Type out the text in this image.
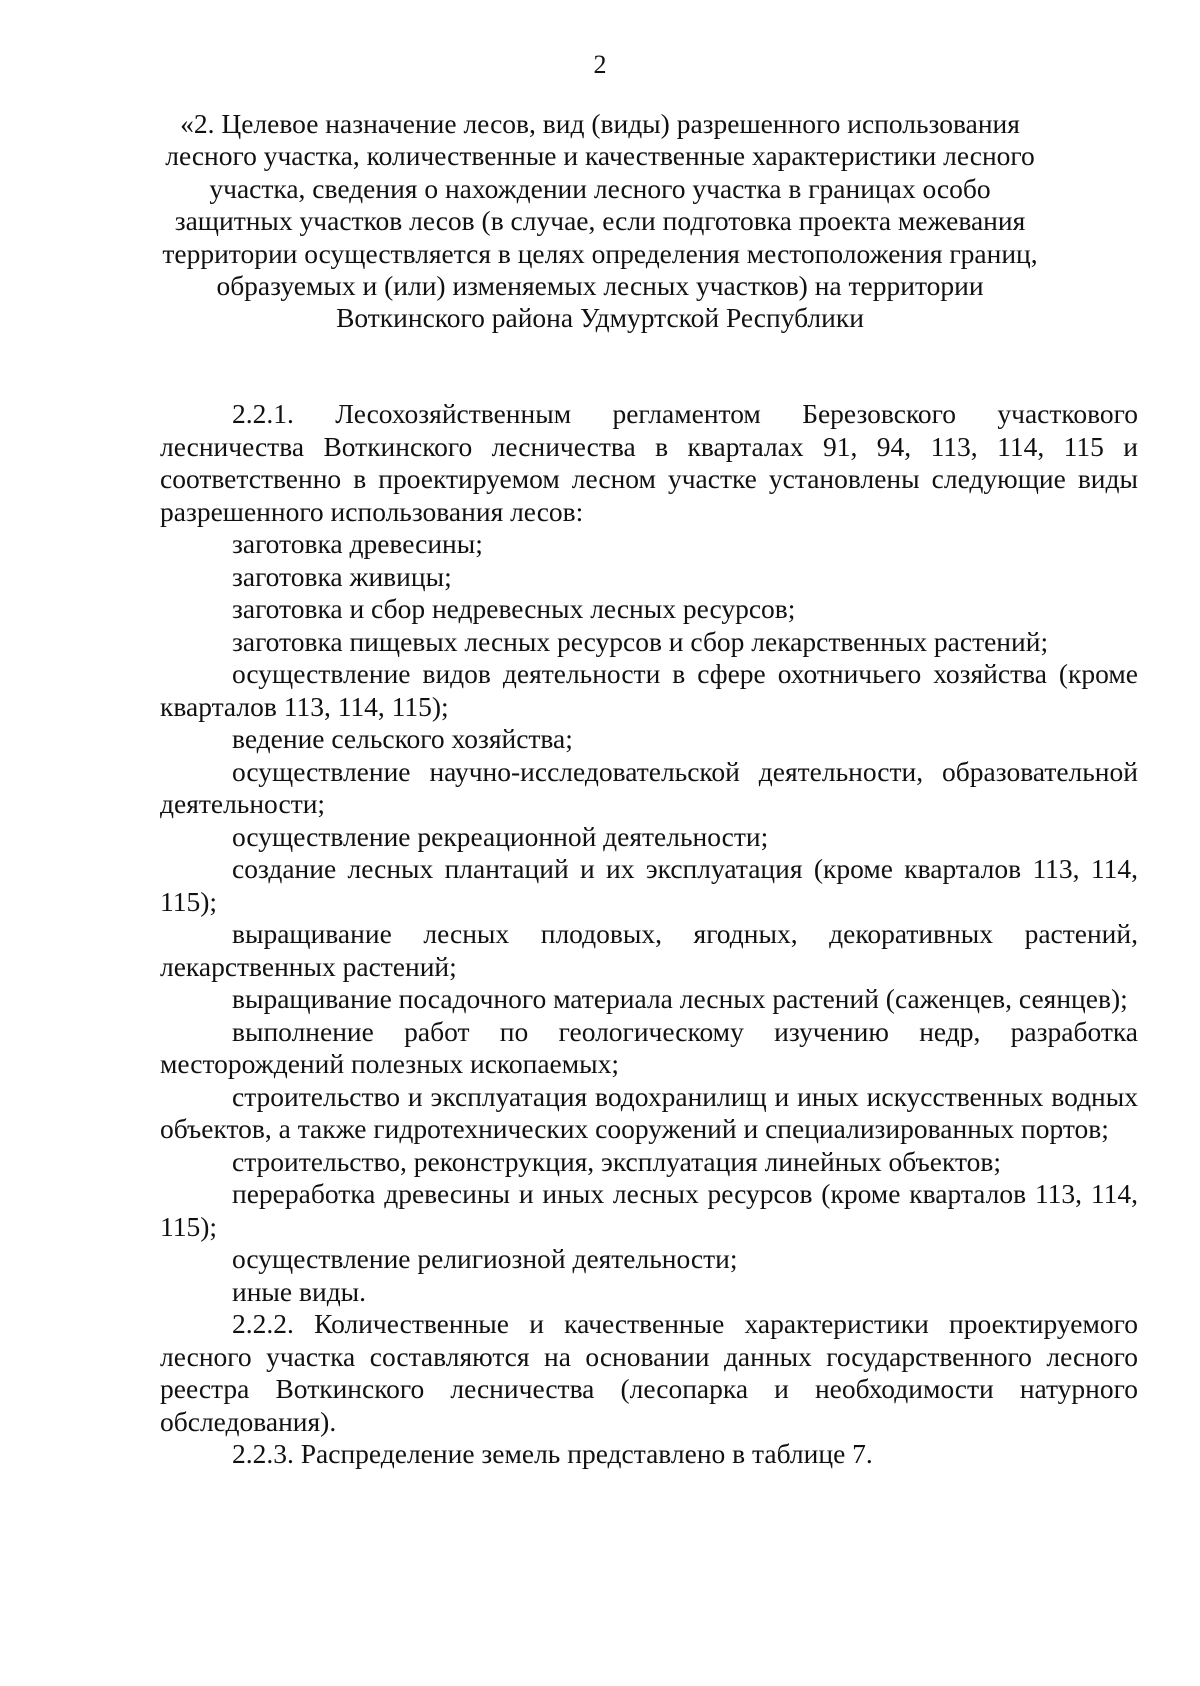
2
«2. Целевое назначение лесов, вид (виды) разрешенного использования лесного участка, количественные и качественные характеристики лесного участка, сведения о нахождении лесного участка в границах особо защитных участков лесов (в случае, если подготовка проекта межевания территории осуществляется в целях определения местоположения границ, образуемых и (или) изменяемых лесных участков) на территории Воткинского района Удмуртской Республики

2.2.1. Лесохозяйственным регламентом Березовского участкового лесничества Воткинского лесничества в кварталах 91, 94, 113, 114, 115 и соответственно в проектируемом лесном участке установлены следующие виды разрешенного использования лесов:

заготовка древесины;

заготовка живицы;

заготовка и сбор недревесных лесных ресурсов;

заготовка пищевых лесных ресурсов и сбор лекарственных растений;

осуществление видов деятельности в сфере охотничьего хозяйства (кроме кварталов 113, 114, 115);

ведение сельского хозяйства;

осуществление научно-исследовательской деятельности, образовательной деятельности;

осуществление рекреационной деятельности;

создание лесных плантаций и их эксплуатация (кроме кварталов 113, 114, 115);

выращивание лесных плодовых, ягодных, декоративных растений, лекарственных растений;

выращивание посадочного материала лесных растений (саженцев, сеянцев);

выполнение работ по геологическому изучению недр, разработка месторождений полезных ископаемых;

строительство и эксплуатация водохранилищ и иных искусственных водных объектов, а также гидротехнических сооружений и специализированных портов;

строительство, реконструкция, эксплуатация линейных объектов;

переработка древесины и иных лесных ресурсов (кроме кварталов 113, 114, 115);

осуществление религиозной деятельности;

иные виды.

2.2.2. Количественные и качественные характеристики проектируемого лесного участка составляются на основании данных государственного лесного реестра Воткинского лесничества (лесопарка и необходимости натурного обследования).

2.2.3. Распределение земель представлено в таблице 7.
